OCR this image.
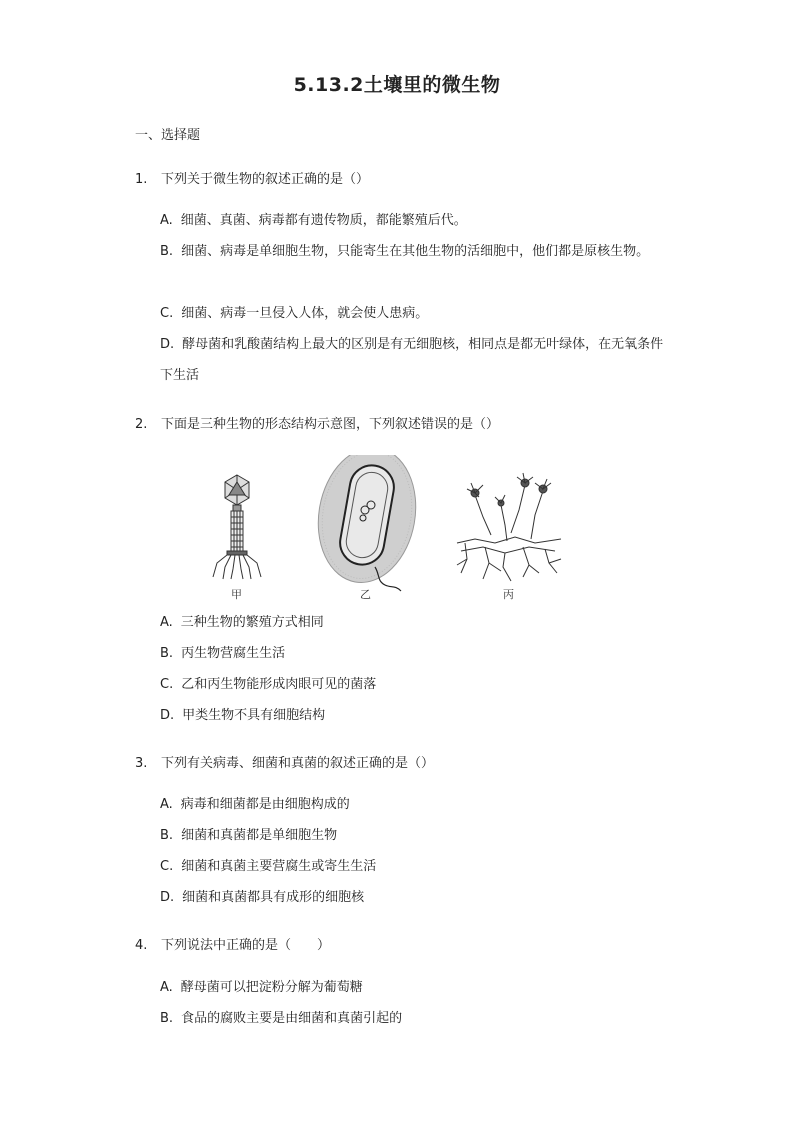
5.13.2土壤里的微生物
一、选择题
1. 下列关于微生物的叙述正确的是（）
A. 细菌、真菌、病毒都有遗传物质，都能繁殖后代。
B. 细菌、病毒是单细胞生物，只能寄生在其他生物的活细胞中，他们都是原核生物。
C. 细菌、病毒一旦侵入人体，就会使人患病。
D. 酵母菌和乳酸菌结构上最大的区别是有无细胞核，相同点是都无叶绿体，在无氧条件下生活
2. 下面是三种生物的形态结构示意图，下列叙述错误的是（）
甲	乙	丙
A. 三种生物的繁殖方式相同
B. 丙生物营腐生生活
C. 乙和丙生物能形成肉眼可见的菌落
D. 甲类生物不具有细胞结构
3. 下列有关病毒、细菌和真菌的叙述正确的是（）
A. 病毒和细菌都是由细胞构成的
B. 细菌和真菌都是单细胞生物
C. 细菌和真菌主要营腐生或寄生生活
D. 细菌和真菌都具有成形的细胞核
4. 下列说法中正确的是（　　）
A. 酵母菌可以把淀粉分解为葡萄糖
B. 食品的腐败主要是由细菌和真菌引起的
